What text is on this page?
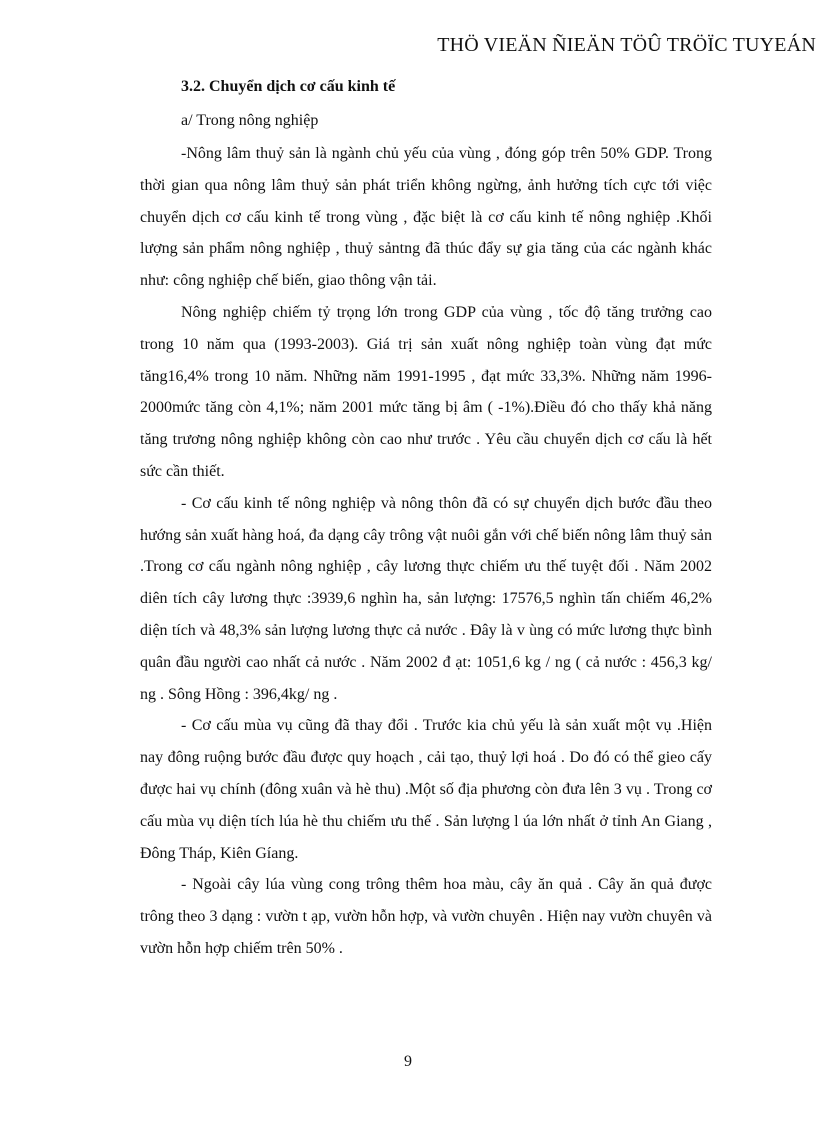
THÖ VIEÄN ÑIEÄN TÖÛ TRÖÏC TUYEÁN
3.2. Chuyển dịch cơ cấu kinh tế

a/ Trong nông nghiệp

-Nông lâm thuỷ sản là ngành chủ yếu của vùng , đóng góp trên 50% GDP. Trong thời gian qua nông lâm thuỷ sản phát triển không ngừng, ảnh hưởng tích cực tới việc chuyển dịch cơ cấu kinh tế trong vùng , đặc biệt là cơ cấu kinh tế nông nghiệp .Khối lượng sản phẩm nông nghiệp , thuỷ sảntng đã thúc đẩy sự gia tăng của các ngành khác như: công nghiệp chế biến, giao thông vận tải.

Nông nghiệp chiếm tỷ trọng lớn trong GDP của vùng , tốc độ tăng trưởng cao trong 10 năm qua (1993-2003). Giá trị sản xuất nông nghiệp toàn vùng đạt mức tăng16,4% trong 10 năm. Những năm 1991-1995 , đạt mức 33,3%. Những năm 1996-2000mức tăng còn 4,1%; năm 2001 mức tăng bị âm ( -1%).Điều đó cho thấy khả năng tăng trương nông nghiệp không còn cao như trước . Yêu cầu chuyển dịch cơ cấu là hết sức cần thiết.

- Cơ cấu kinh tế nông nghiệp và nông thôn đã có sự chuyển dịch bước đầu theo hướng sản xuất hàng hoá, đa dạng cây trông vật nuôi gắn với chế biến nông lâm thuỷ sản .Trong cơ cấu ngành nông nghiệp , cây lương thực chiếm ưu thế tuyệt đối . Năm 2002 diên tích cây lương thực :3939,6 nghìn ha, sản lượng: 17576,5 nghìn tấn chiếm 46,2% diện tích và 48,3% sản lượng lương thực cả nước . Đây là v ùng có mức lương thực bình quân đầu người cao nhất cả nước . Năm 2002 đ ạt: 1051,6 kg / ng ( cả nước : 456,3 kg/ ng . Sông Hồng : 396,4kg/ ng .

- Cơ cấu mùa vụ cũng đã thay đổi . Trước kia chủ yếu là sản xuất một vụ .Hiện nay đông ruộng bước đầu được quy hoạch , cải tạo, thuỷ lợi hoá . Do đó có thể gieo cấy được hai vụ chính (đông xuân và hè thu) .Một số địa phương còn đưa lên 3 vụ . Trong cơ cấu mùa vụ diện tích lúa hè thu chiếm ưu thế . Sản lượng l úa lớn nhất ở tỉnh An Giang , Đông Tháp, Kiên Gíang.

- Ngoài cây lúa vùng cong trông thêm hoa màu, cây ăn quả . Cây ăn quả được trông theo 3 dạng : vườn t ạp, vườn hỗn hợp, và vườn chuyên . Hiện nay vườn chuyên và vườn hỗn hợp chiếm trên 50% .

9
